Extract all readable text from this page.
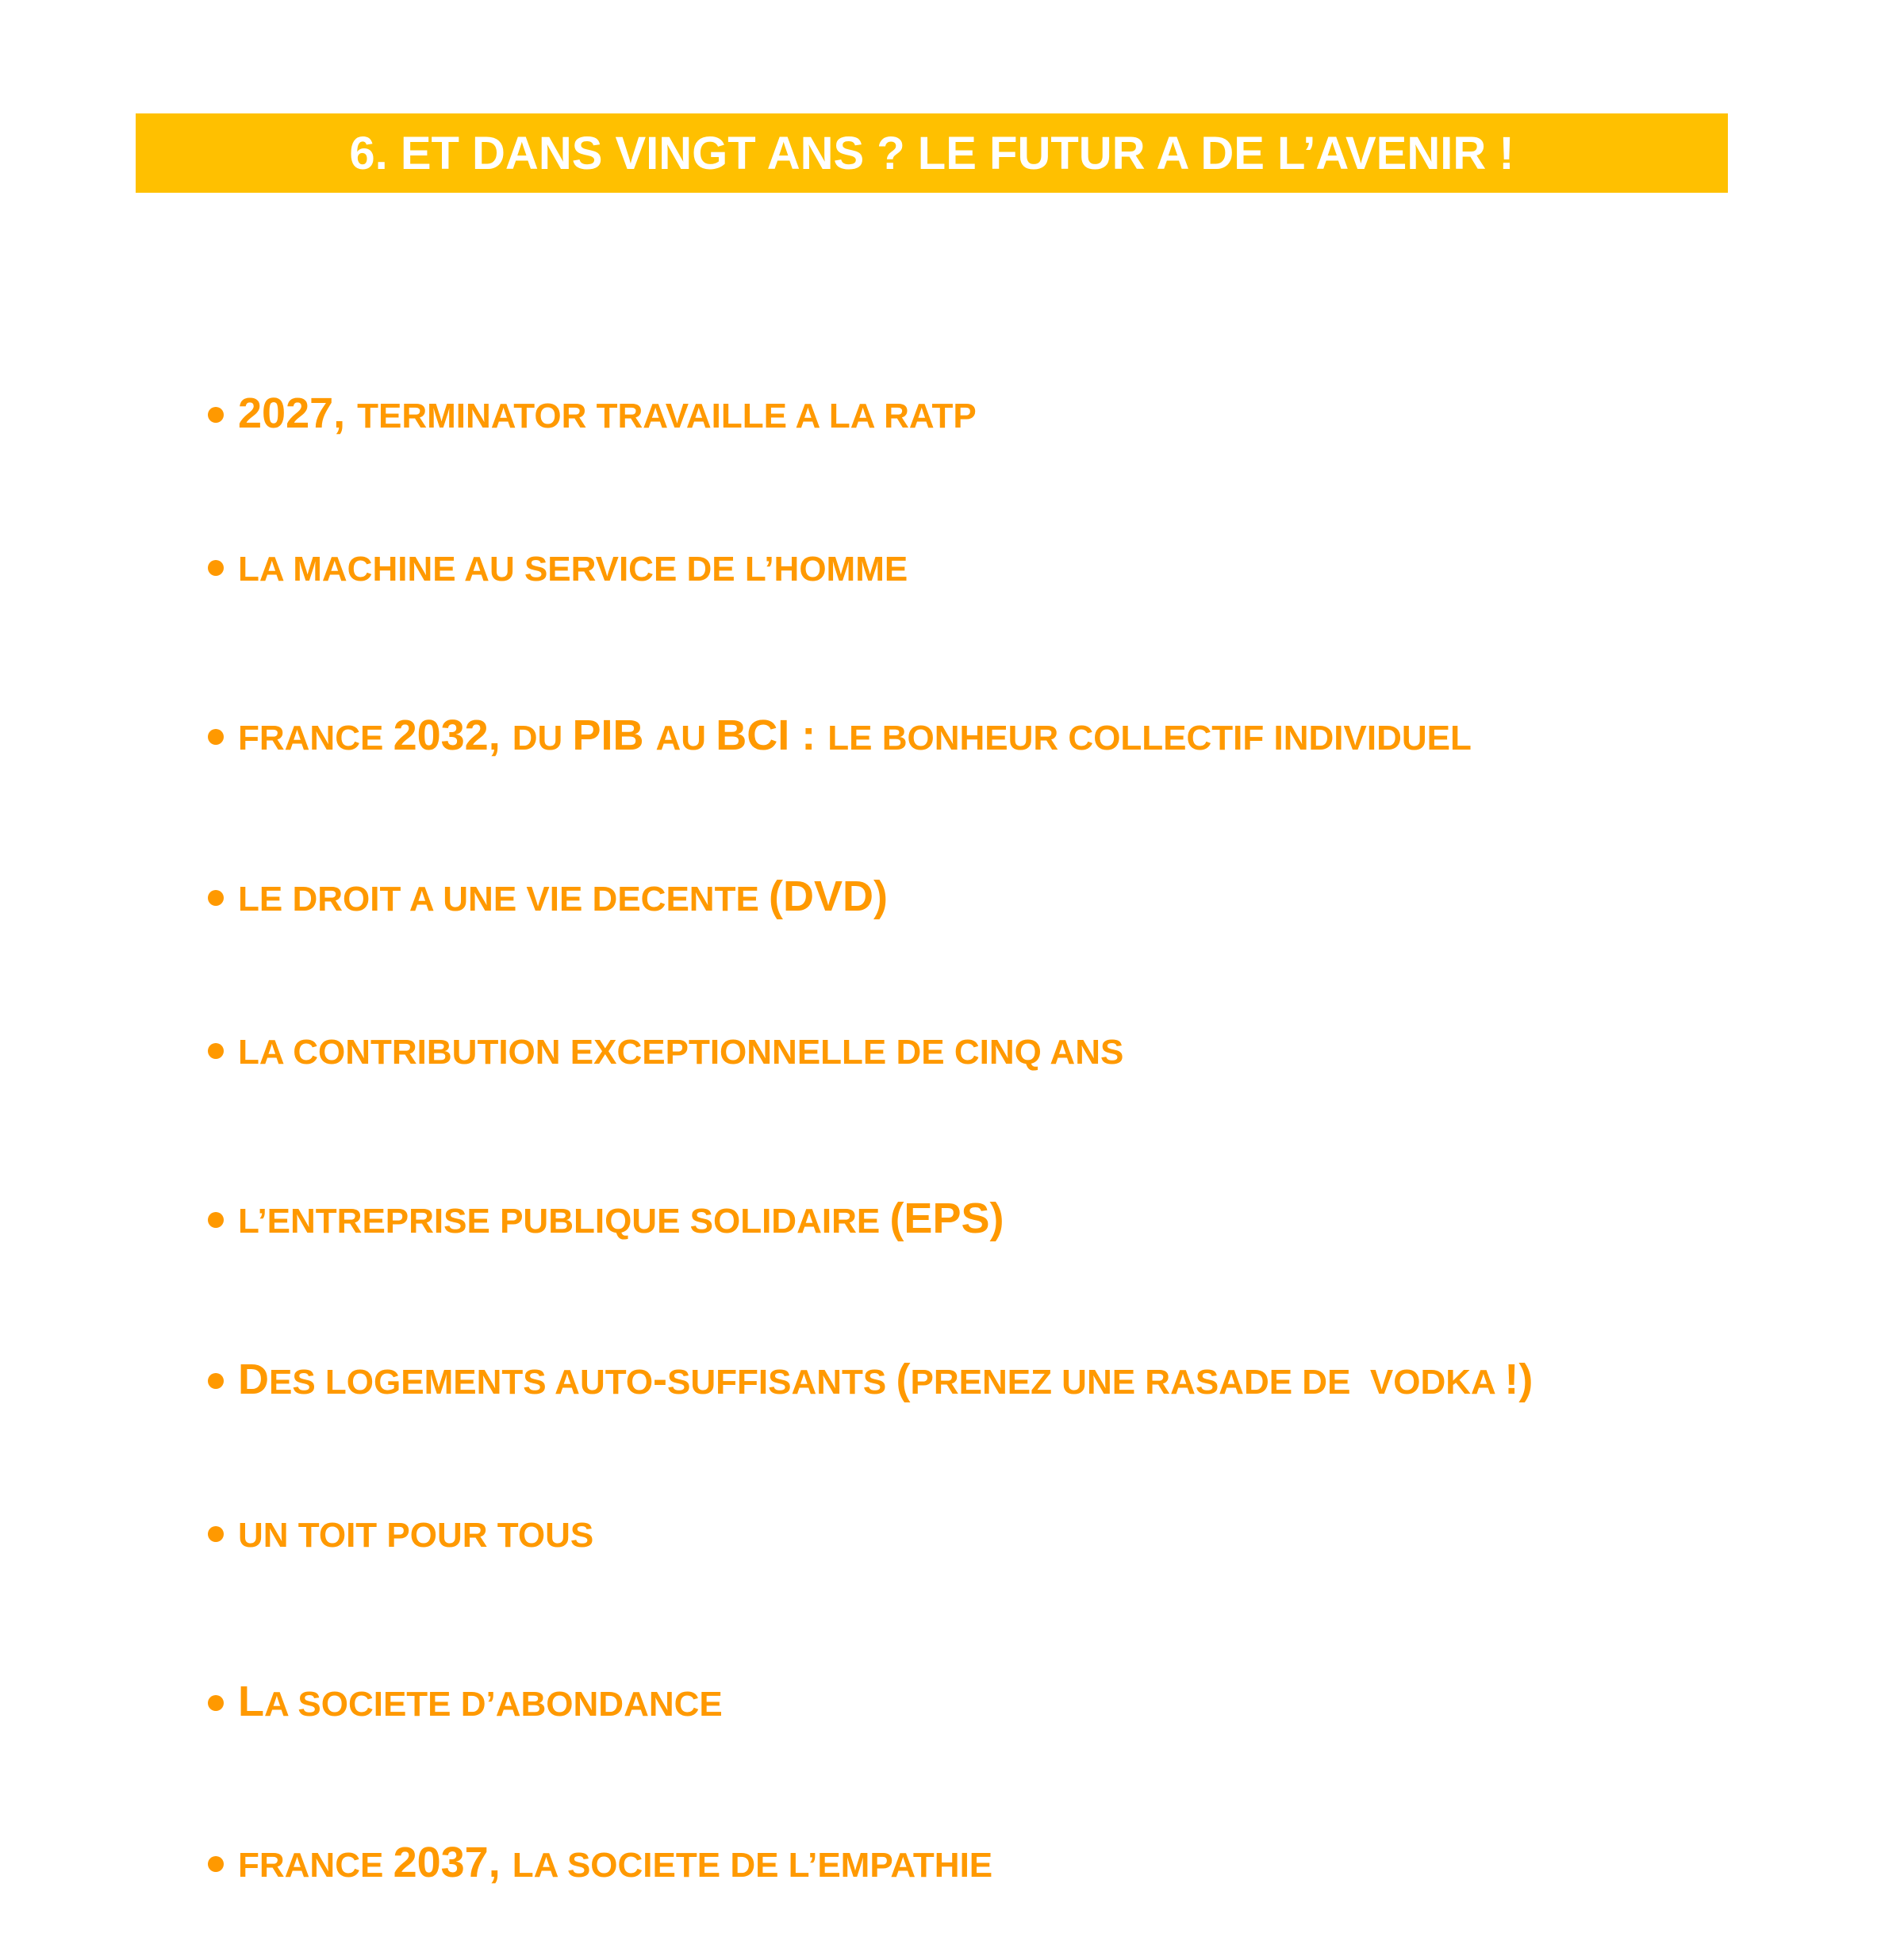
6. ET DANS VINGT ANS ? LE FUTUR A DE L’AVENIR !
2027, TERMINATOR TRAVAILLE A LA RATP
LA MACHINE AU SERVICE DE L’HOMME
FRANCE 2032, DU PIB AU BCI : LE BONHEUR COLLECTIF INDIVIDUEL
LE DROIT A UNE VIE DECENTE (DVD)
LA CONTRIBUTION EXCEPTIONNELLE DE CINQ ANS
L’ENTREPRISE PUBLIQUE SOLIDAIRE (EPS)
D ES LOGEMENTS AUTO - SUFFISANTS ( PRENEZ UNE RASADE DE  VODKA !)
UN TOIT POUR TOUS
L A SOCIETE D’ABONDANCE
FRANCE 2037, LA SOCIETE DE L’EMPATHIE
